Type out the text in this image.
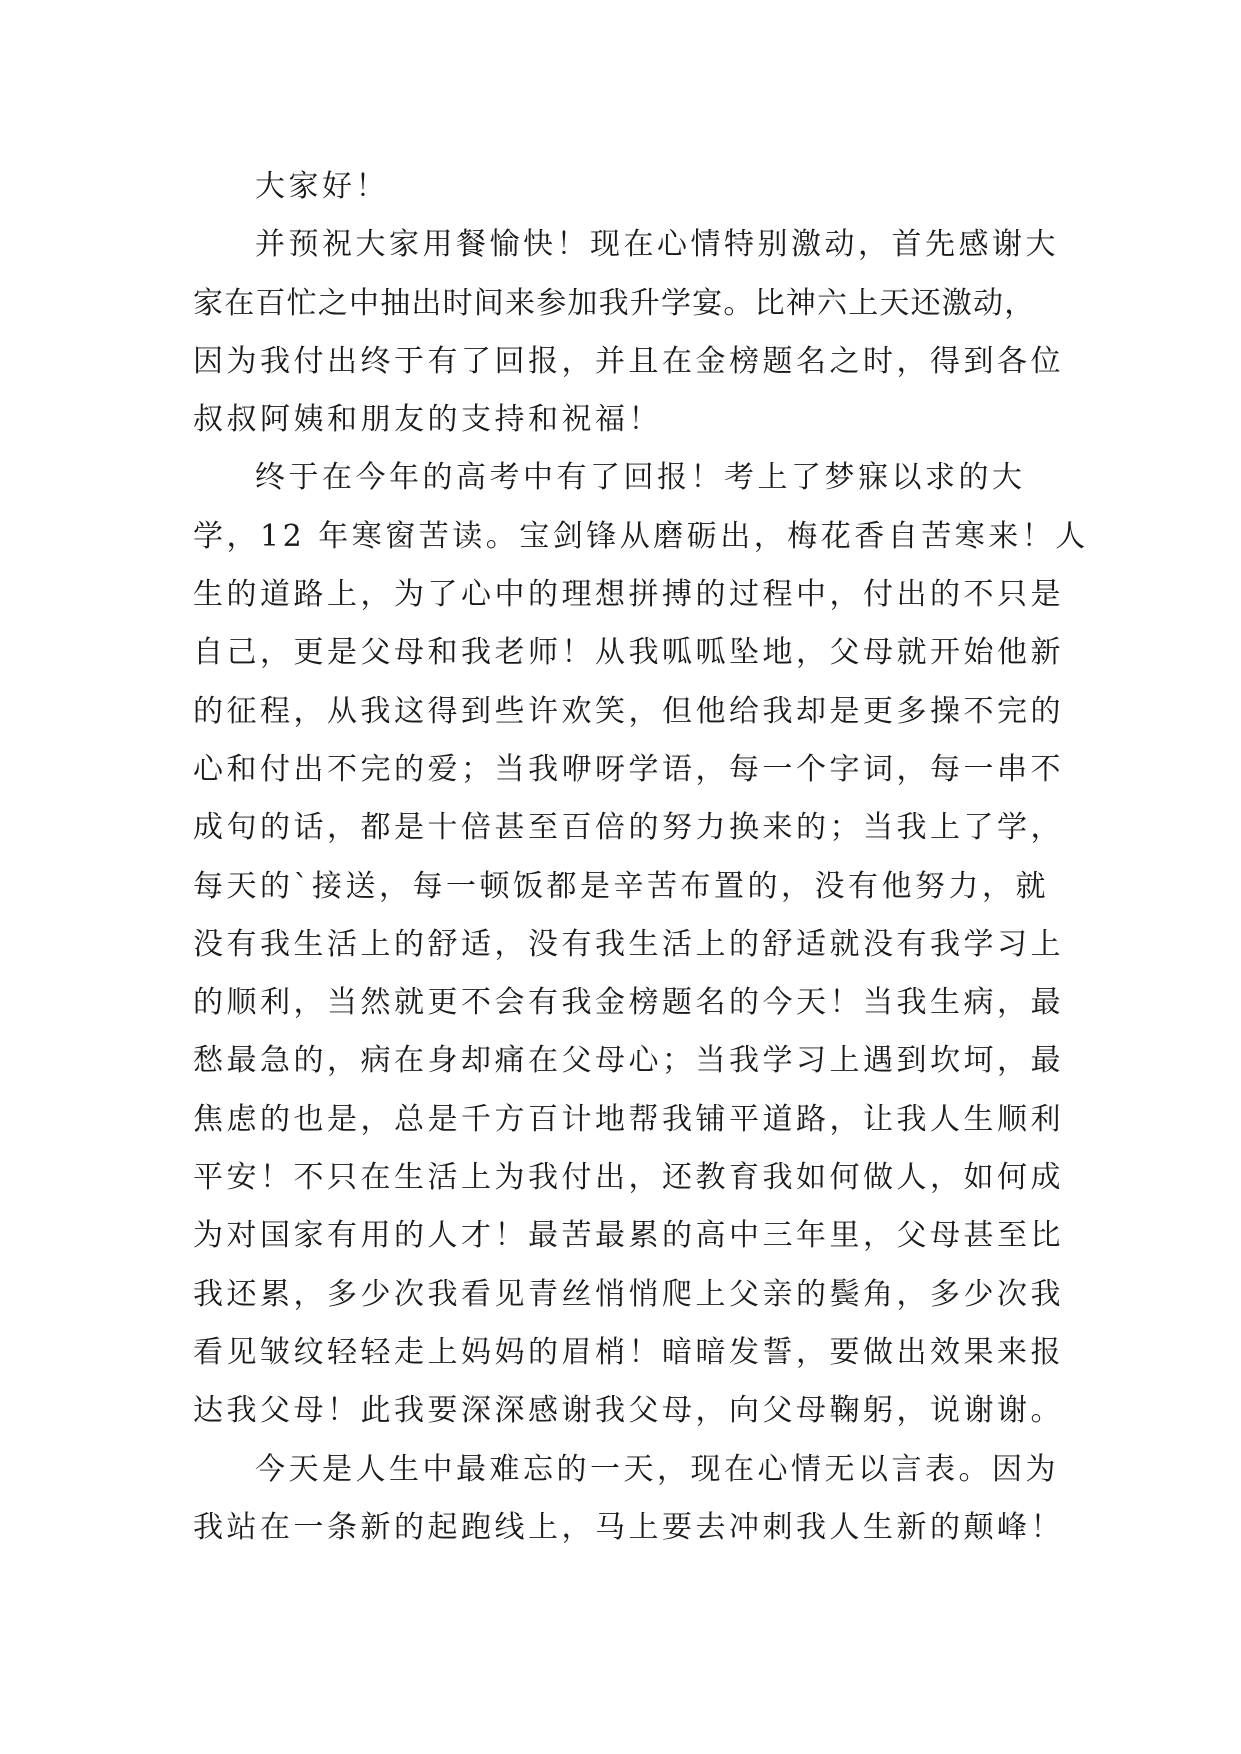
大家好！
并预祝大家用餐愉快！现在心情特别激动，首先感谢大
家在百忙之中抽出时间来参加我升学宴。比神六上天还激动，
因为我付出终于有了回报，并且在金榜题名之时，得到各位
叔叔阿姨和朋友的支持和祝福！
终于在今年的高考中有了回报！考上了梦寐以求的大
学，12 年寒窗苦读。宝剑锋从磨砺出，梅花香自苦寒来！人
生的道路上，为了心中的理想拼搏的过程中，付出的不只是
自己，更是父母和我老师！从我呱呱坠地，父母就开始他新
的征程，从我这得到些许欢笑，但他给我却是更多操不完的
心和付出不完的爱；当我咿呀学语，每一个字词，每一串不
成句的话，都是十倍甚至百倍的努力换来的；当我上了学，
每天的`接送，每一顿饭都是辛苦布置的，没有他努力，就
没有我生活上的舒适，没有我生活上的舒适就没有我学习上
的顺利，当然就更不会有我金榜题名的今天！当我生病，最
愁最急的，病在身却痛在父母心；当我学习上遇到坎坷，最
焦虑的也是，总是千方百计地帮我铺平道路，让我人生顺利
平安！不只在生活上为我付出，还教育我如何做人，如何成
为对国家有用的人才！最苦最累的高中三年里，父母甚至比
我还累，多少次我看见青丝悄悄爬上父亲的鬓角，多少次我
看见皱纹轻轻走上妈妈的眉梢！暗暗发誓，要做出效果来报
达我父母！此我要深深感谢我父母，向父母鞠躬，说谢谢。
今天是人生中最难忘的一天，现在心情无以言表。因为
我站在一条新的起跑线上，马上要去冲刺我人生新的颠峰！
